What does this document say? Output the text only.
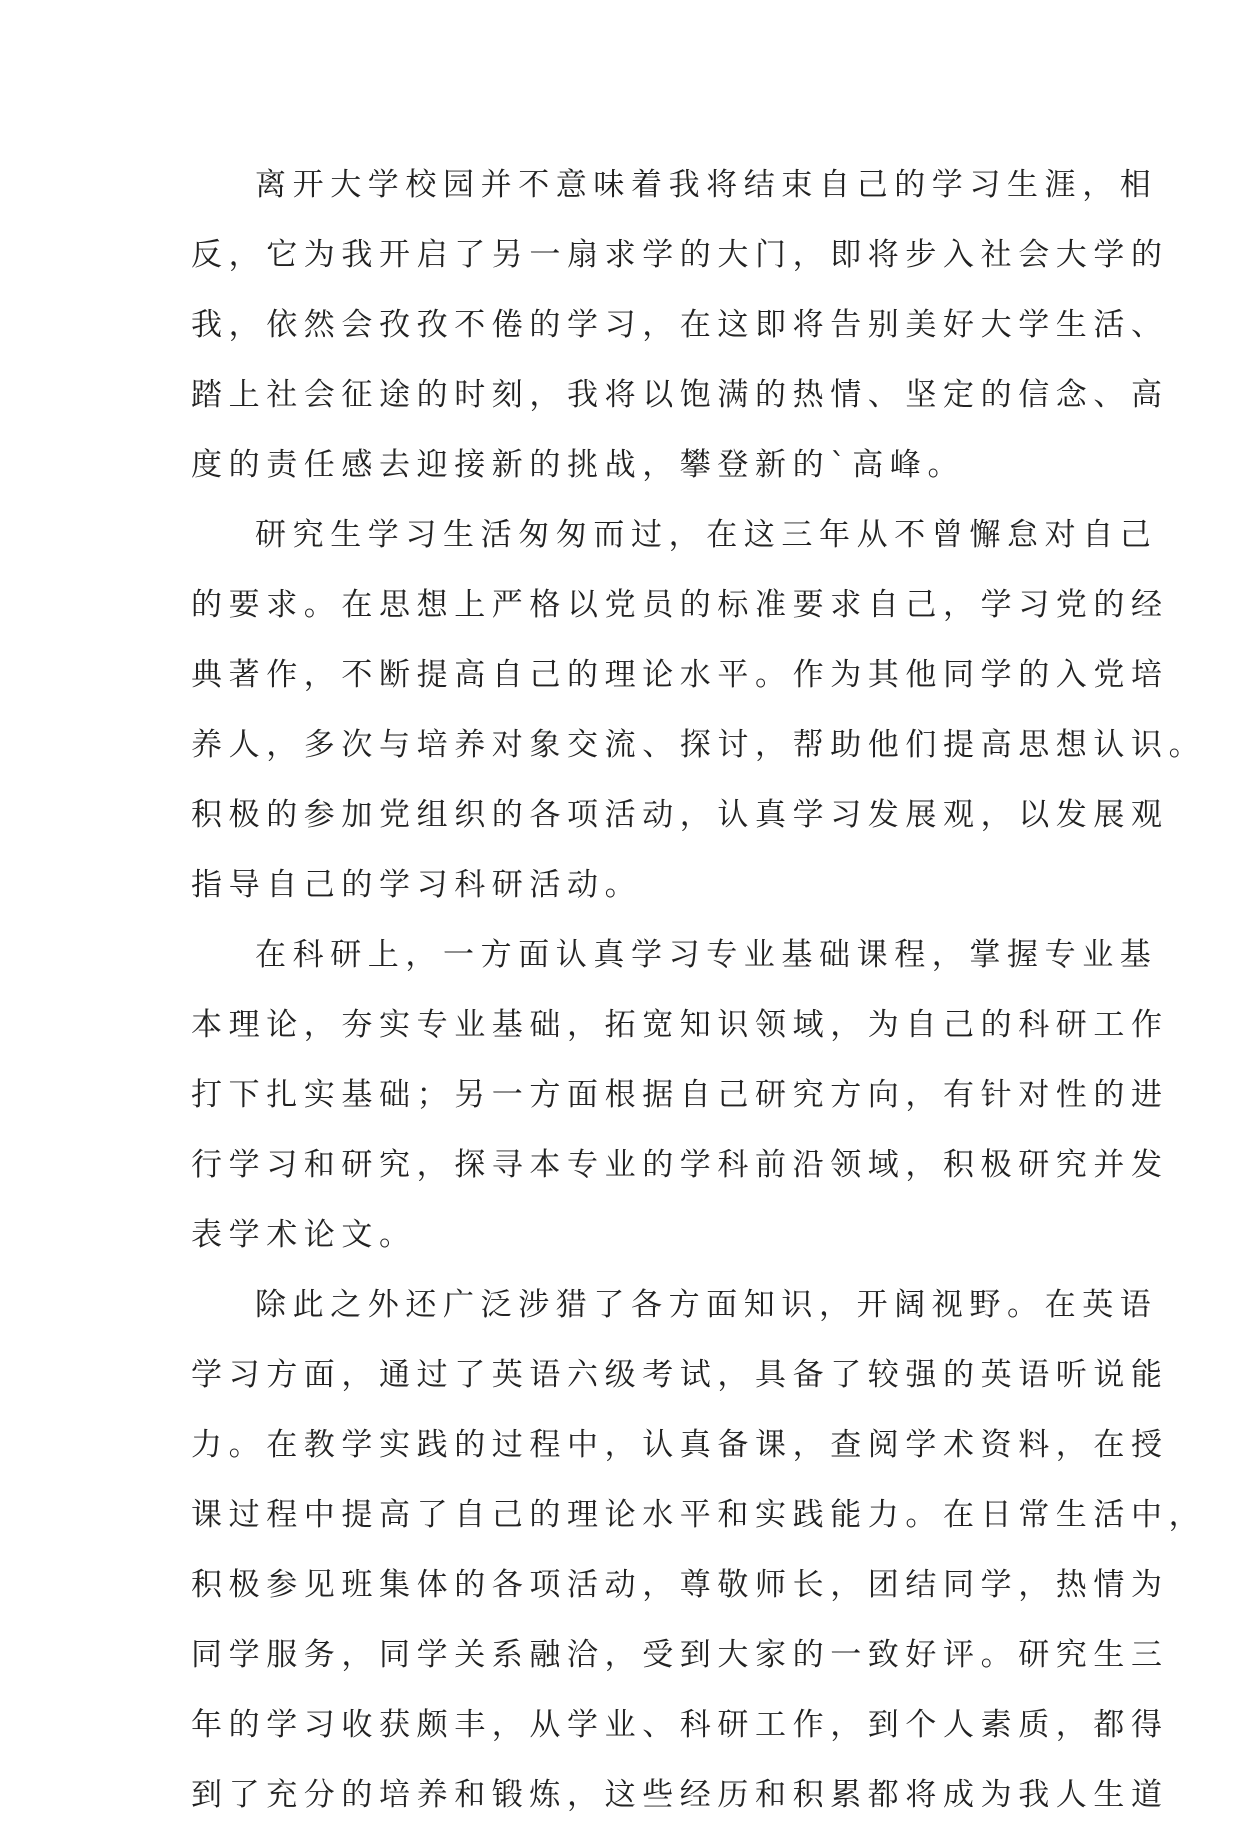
离开大学校园并不意味着我将结束自己的学习生涯，相
反，它为我开启了另一扇求学的大门，即将步入社会大学的
我，依然会孜孜不倦的学习，在这即将告别美好大学生活、
踏上社会征途的时刻，我将以饱满的热情、坚定的信念、高
度的责任感去迎接新的挑战，攀登新的`高峰。
研究生学习生活匆匆而过，在这三年从不曾懈怠对自己
的要求。在思想上严格以党员的标准要求自己，学习党的经
典著作，不断提高自己的理论水平。作为其他同学的入党培
养人，多次与培养对象交流、探讨，帮助他们提高思想认识。
积极的参加党组织的各项活动，认真学习发展观，以发展观
指导自己的学习科研活动。
在科研上，一方面认真学习专业基础课程，掌握专业基
本理论，夯实专业基础，拓宽知识领域，为自己的科研工作
打下扎实基础；另一方面根据自己研究方向，有针对性的进
行学习和研究，探寻本专业的学科前沿领域，积极研究并发
表学术论文。
除此之外还广泛涉猎了各方面知识，开阔视野。在英语
学习方面，通过了英语六级考试，具备了较强的英语听说能
力。在教学实践的过程中，认真备课，查阅学术资料，在授
课过程中提高了自己的理论水平和实践能力。在日常生活中，
积极参见班集体的各项活动，尊敬师长，团结同学，热情为
同学服务，同学关系融洽，受到大家的一致好评。研究生三
年的学习收获颇丰，从学业、科研工作，到个人素质，都得
到了充分的培养和锻炼，这些经历和积累都将成为我人生道
